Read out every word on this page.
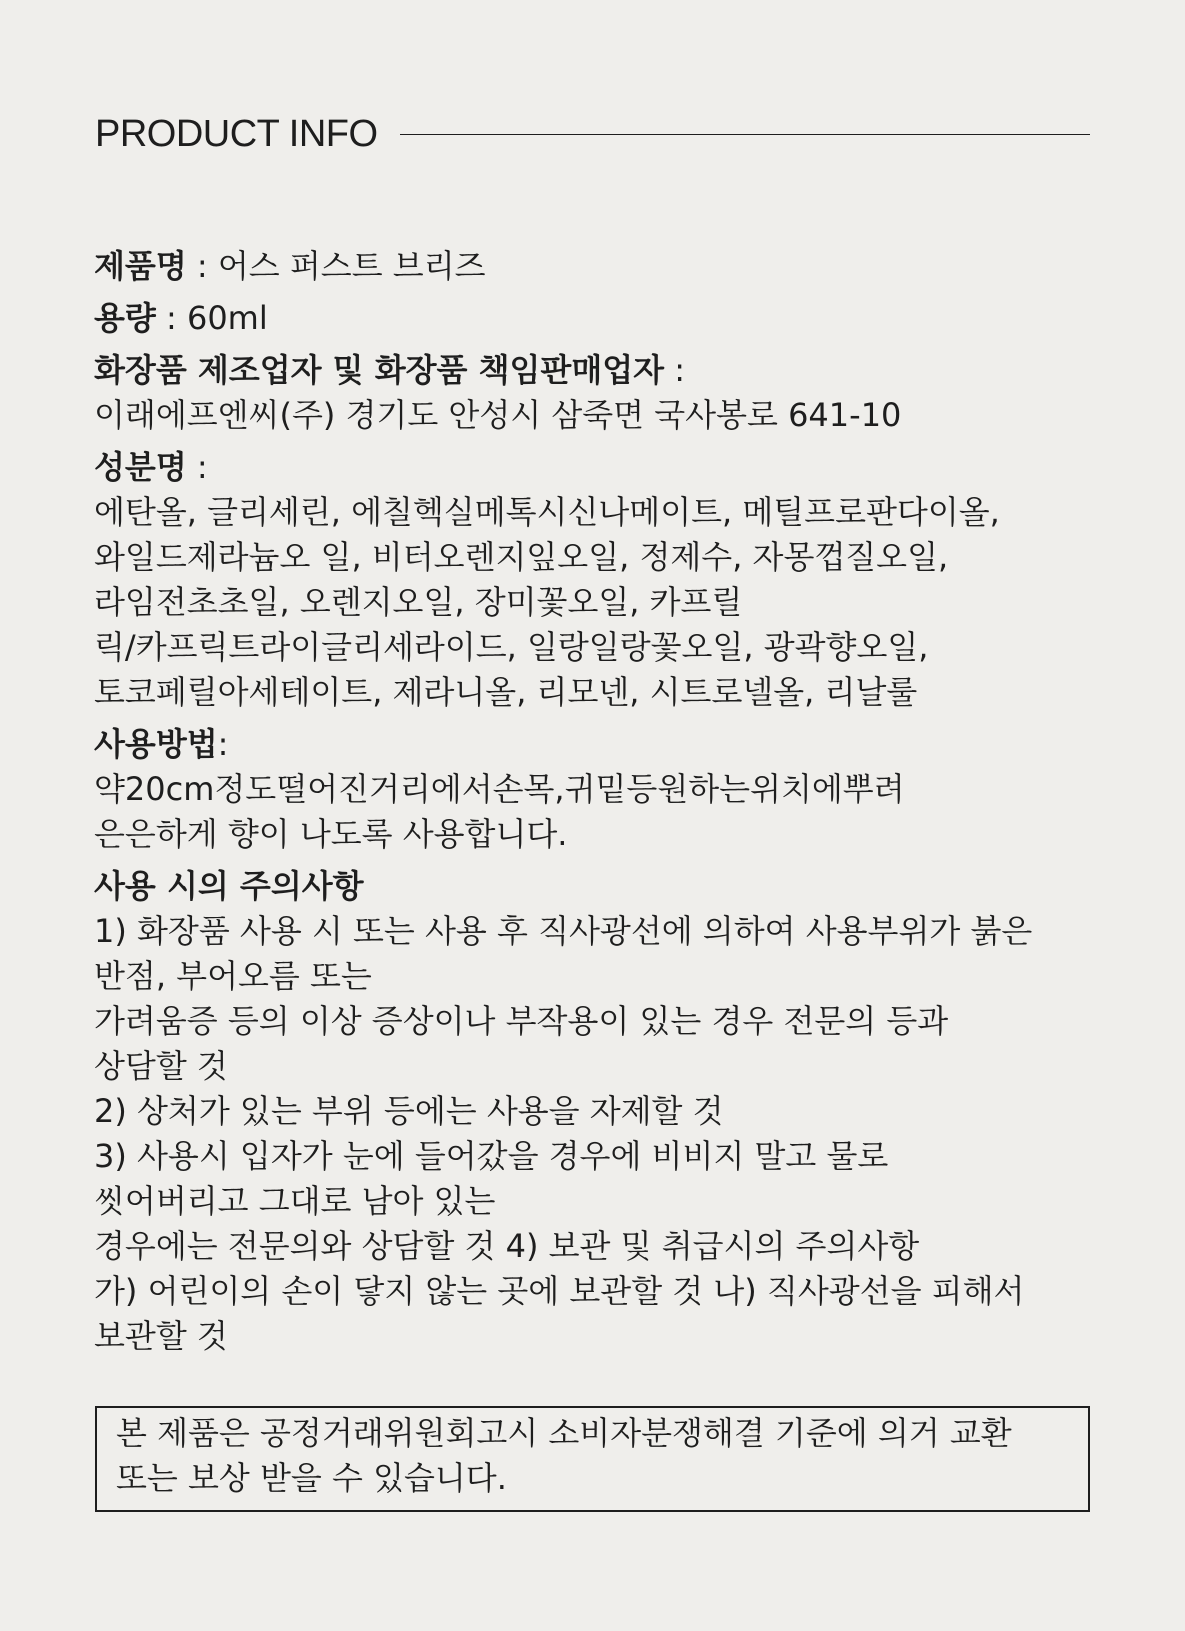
PRODUCT INFO
제품명 : 어스 퍼스트 브리즈
용량 : 60ml
화장품 제조업자 및 화장품 책임판매업자 :
이래에프엔씨(주) 경기도 안성시 삼죽면 국사봉로 641-10
성분명 :
에탄올, 글리세린, 에칠헥실메톡시신나메이트, 메틸프로판다이올,
와일드제라늄오 일, 비터오렌지잎오일, 정제수, 자몽껍질오일,
라임전초초일, 오렌지오일, 장미꽃오일, 카프릴
릭/카프릭트라이글리세라이드, 일랑일랑꽃오일, 광곽향오일,
토코페릴아세테이트, 제라니올, 리모넨, 시트로넬올, 리날룰
사용방법:
약20cm정도떨어진거리에서손목,귀밑등원하는위치에뿌려
은은하게 향이 나도록 사용합니다.
사용 시의 주의사항
1) 화장품 사용 시 또는 사용 후 직사광선에 의하여 사용부위가 붉은
반점, 부어오름 또는
가려움증 등의 이상 증상이나 부작용이 있는 경우 전문의 등과
상담할 것
2) 상처가 있는 부위 등에는 사용을 자제할 것
3) 사용시 입자가 눈에 들어갔을 경우에 비비지 말고 물로
씻어버리고 그대로 남아 있는
경우에는 전문의와 상담할 것 4) 보관 및 취급시의 주의사항
가) 어린이의 손이 닿지 않는 곳에 보관할 것 나) 직사광선을 피해서
보관할 것
본 제품은 공정거래위원회고시 소비자분쟁해결 기준에 의거 교환
또는 보상 받을 수 있습니다.
